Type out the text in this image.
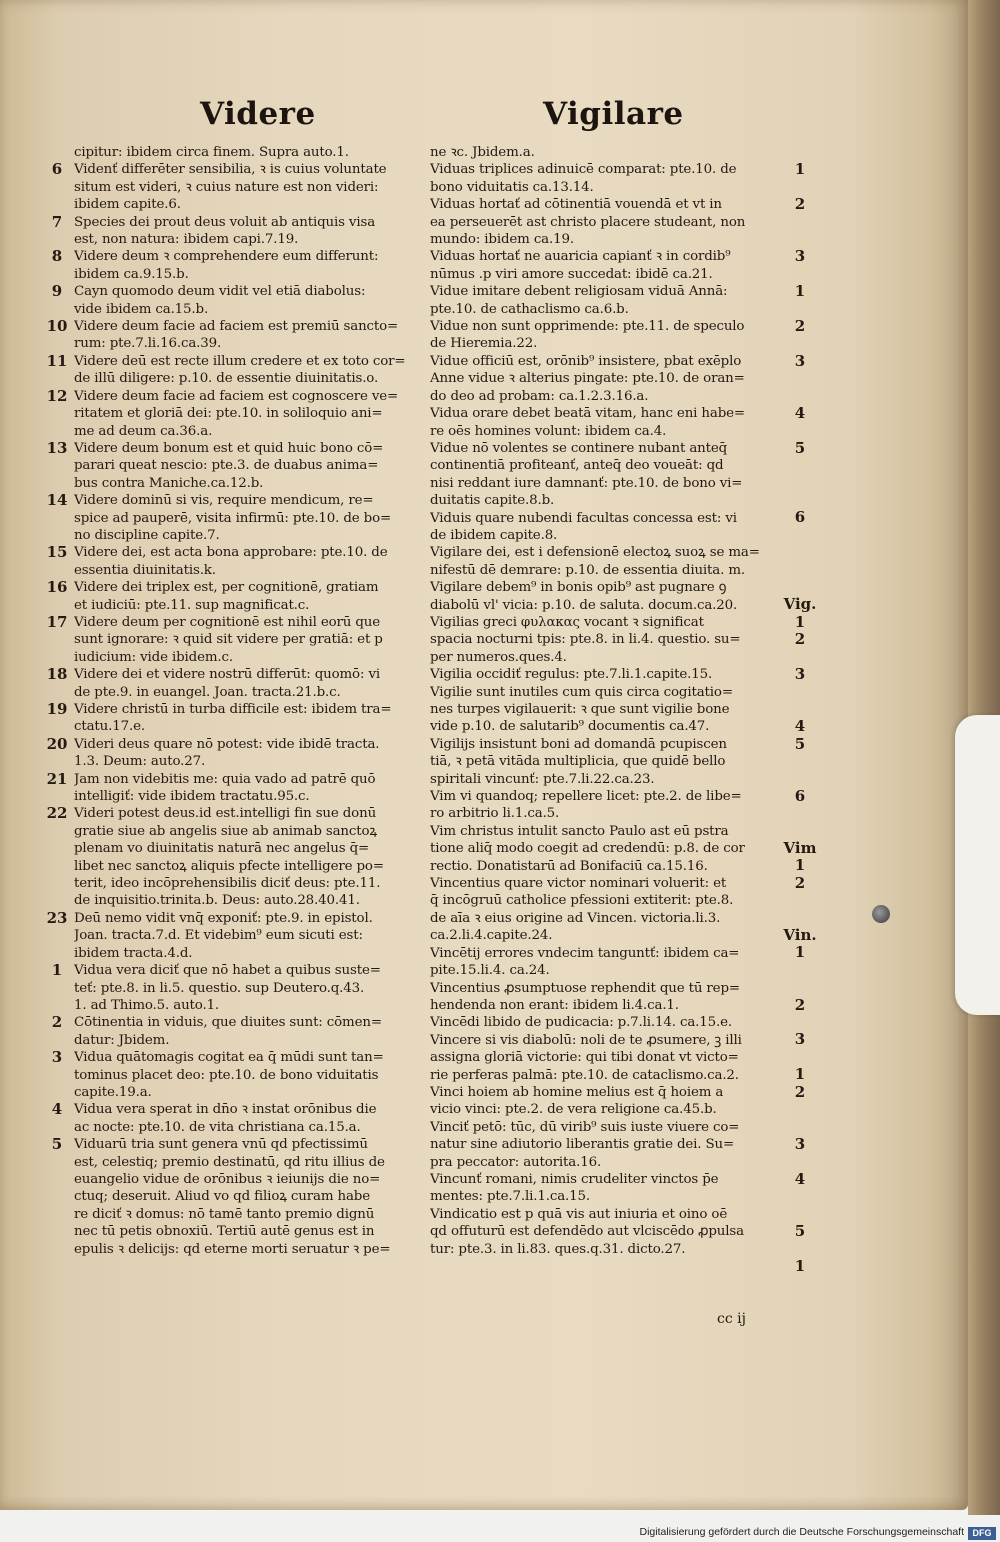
Videre	Vigilare
cipitur: ibidem circa finem. Supra auto.1.
6 Videnť differēter sensibilia, ꝛ is cuius voluntate
situm est videri, ꝛ cuius nature est non videri:
ibidem capite.6.
7 Species dei prout deus voluit ab antiquis visa
est, non natura: ibidem capi.7.19.
8 Videre deum ꝛ comprehendere eum differunt:
ibidem ca.9.15.b.
9 Cayn quomodo deum vidit vel etiā diabolus:
vide ibidem ca.15.b.
10 Videre deum facie ad faciem est premiū sancto=
rum: pte.7.li.16.ca.39.
11 Videre deū est recte illum credere et ex toto cor=
de illū diligere: p.10. de essentie diuinitatis.o.
12 Videre deum facie ad faciem est cognoscere ve=
ritatem et gloriā dei: pte.10. in soliloquio ani=
me ad deum ca.36.a.
13 Videre deum bonum est et quid huic bono cō=
parari queat nescio: pte.3. de duabus anima=
bus contra Maniche.ca.12.b.
14 Videre dominū si vis, require mendicum, re=
spice ad pauperē, visita infirmū: pte.10. de bo=
no discipline capite.7.
15 Videre dei, est acta bona approbare: pte.10. de
essentia diuinitatis.k.
16 Videre dei triplex est, per cognitionē, gratiam
et iudiciū: pte.11. sup magnificat.c.
17 Videre deum per cognitionē est nihil eorū que
sunt ignorare: ꝛ quid sit videre per gratiā: et p
iudicium: vide ibidem.c.
18 Videre dei et videre nostrū differūt: quomō: vi
de pte.9. in euangel. Joan. tracta.21.b.c.
19 Videre christū in turba difficile est: ibidem tra=
ctatu.17.e.
20 Videri deus quare nō potest: vide ibidē tracta.
1.3. Deum: auto.27.
21 Jam non videbitis me: quia vado ad patrē quō
intelligiť: vide ibidem tractatu.95.c.
22 Videri potest deus.id est.intelligi fin sue donū
gratie siue ab angelis siue ab animab sanctoꝝ
plenam vo diuinitatis naturā nec angelus q̄=
libet nec sanctoꝝ aliquis pfecte intelligere po=
terit, ideo incōprehensibilis diciť deus: pte.11.
de inquisitio.trinita.b. Deus: auto.28.40.41.
23 Deū nemo vidit vnq̄ exponiť: pte.9. in epistol.
Joan. tracta.7.d. Et videbim⁹ eum sicuti est:
ibidem tracta.4.d.
1 Vidua vera diciť que nō habet a quibus suste=
teť: pte.8. in li.5. questio. sup Deutero.q.43.
1. ad Thimo.5. auto.1.
2 Cōtinentia in viduis, que diuites sunt: cōmen=
datur: Jbidem.
3 Vidua quātomagis cogitat ea q̄ mūdi sunt tan=
tominus placet deo: pte.10. de bono viduitatis
capite.19.a.
4 Vidua vera sperat in dn̄o ꝛ instat orōnibus die
ac nocte: pte.10. de vita christiana ca.15.a.
5 Viduarū tria sunt genera vnū qd̄ pfectissimū
est, celestiq; premio destinatū, qd̄ ritu illius de
euangelio vidue de orōnibus ꝛ ieiunijs die no=
ctuq; deseruit. Aliud vo qd̄ filioꝝ curam habe
re diciť ꝛ domus: nō tamē tanto premio dignū
nec tū petis obnoxiū. Tertiū autē genus est in
epulis ꝛ delicijs: qd̄ eterne morti seruatur ꝛ pe=
ne ꝛc. Jbidem.a.
Viduas triplices adinuicē comparat: pte.10. de
bono viduitatis ca.13.14.
Viduas hortať ad cōtinentiā vouendā et vt in
ea perseuerēt ast christo placere studeant, non
mundo: ibidem ca.19.
Viduas hortať ne auaricia capianť ꝛ in cordib⁹
nūmus .p viri amore succedat: ibidē ca.21.
Vidue imitare debent religiosam viduā Annā:
pte.10. de cathaclismo ca.6.b.
Vidue non sunt opprimende: pte.11. de speculo
de Hieremia.22.
Vidue officiū est, orōnib⁹ insistere, pbat exēplo
Anne vidue ꝛ alterius pingate: pte.10. de oran=
do deo ad probam: ca.1.2.3.16.a.
Vidua orare debet beatā vitam, hanc eni habe=
re oēs homines volunt: ibidem ca.4.
Vidue nō volentes se continere nubant anteq̄
continentiā profiteanť, anteq̄ deo voueāt: qd̄
nisi reddant iure damnanť: pte.10. de bono vi=
duitatis capite.8.b.
Viduis quare nubendi facultas concessa est: vi
de ibidem capite.8.
Vigilare dei, est i defensionē electoꝝ suoꝝ se ma=
nifestū dē demrare: p.10. de essentia diuita. m.
Vigilare debem⁹ in bonis opib⁹ ast pugnare ꝯ
diabolū vl' vicia: p.10. de saluta. docum.ca.20.
Vigilias greci φυλακας vocant ꝛ significat
spacia nocturni tpis: pte.8. in li.4. questio. su=
per numeros.ques.4.
Vigilia occidiť regulus: pte.7.li.1.capite.15.
Vigilie sunt inutiles cum quis circa cogitatio=
nes turpes vigilauerit: ꝛ que sunt vigilie bone
vide p.10. de salutarib⁹ documentis ca.47.
Vigilijs insistunt boni ad domandā pcupiscen
tiā, ꝛ petā vitāda multiplicia, que quidē bello
spiritali vincunť: pte.7.li.22.ca.23.
Vim vi quandoq; repellere licet: pte.2. de libe=
ro arbitrio li.1.ca.5.
Vim christus intulit sancto Paulo ast eū pstra
tione aliq̄ modo coegit ad credendū: p.8. de cor
rectio. Donatistarū ad Bonifaciū ca.15.16.
Vincentius quare victor nominari voluerit: et
q̄ incōgruū catholice pfessioni extiterit: pte.8.
de aīa ꝛ eius origine ad Vincen. victoria.li.3.
ca.2.li.4.capite.24.
Vincētij errores vndecim tanguntť: ibidem ca=
pite.15.li.4. ca.24.
Vincentius ꝓsumptuose rephendit que tū rep=
hendenda non erant: ibidem li.4.ca.1.
Vincēdi libido de pudicacia: p.7.li.14. ca.15.e.
Vincere si vis diabolū: noli de te ꝓsumere, ꝫ illi
assigna gloriā victorie: qui tibi donat vt victo=
rie perferas palmā: pte.10. de cataclismo.ca.2.
Vinci hoiem ab homine melius est q̄ hoiem a
vicio vinci: pte.2. de vera religione ca.45.b.
Vinciť petō: tūc, dū virib⁹ suis iuste viuere co=
natur sine adiutorio liberantis gratie dei. Su=
pra peccator: autorita.16.
Vincunť romani, nimis crudeliter vinctos p̄e
mentes: pte.7.li.1.ca.15.
Vindicatio est p quā vis aut iniuria et oino oē
qd̄ offuturū est defendēdo aut vlciscēdo ꝓpulsa
tur: pte.3. in li.83. ques.q.31. dicto.27.
1
2
3
1
2
3
4
5
6
Vig.
1
2
3
4
5
6
Vim
1
2
Vin.
1
2
3
1
2
3
4
5
1
cc ij
Digitalisierung gefördert durch die Deutsche Forschungsgemeinschaft DFG
